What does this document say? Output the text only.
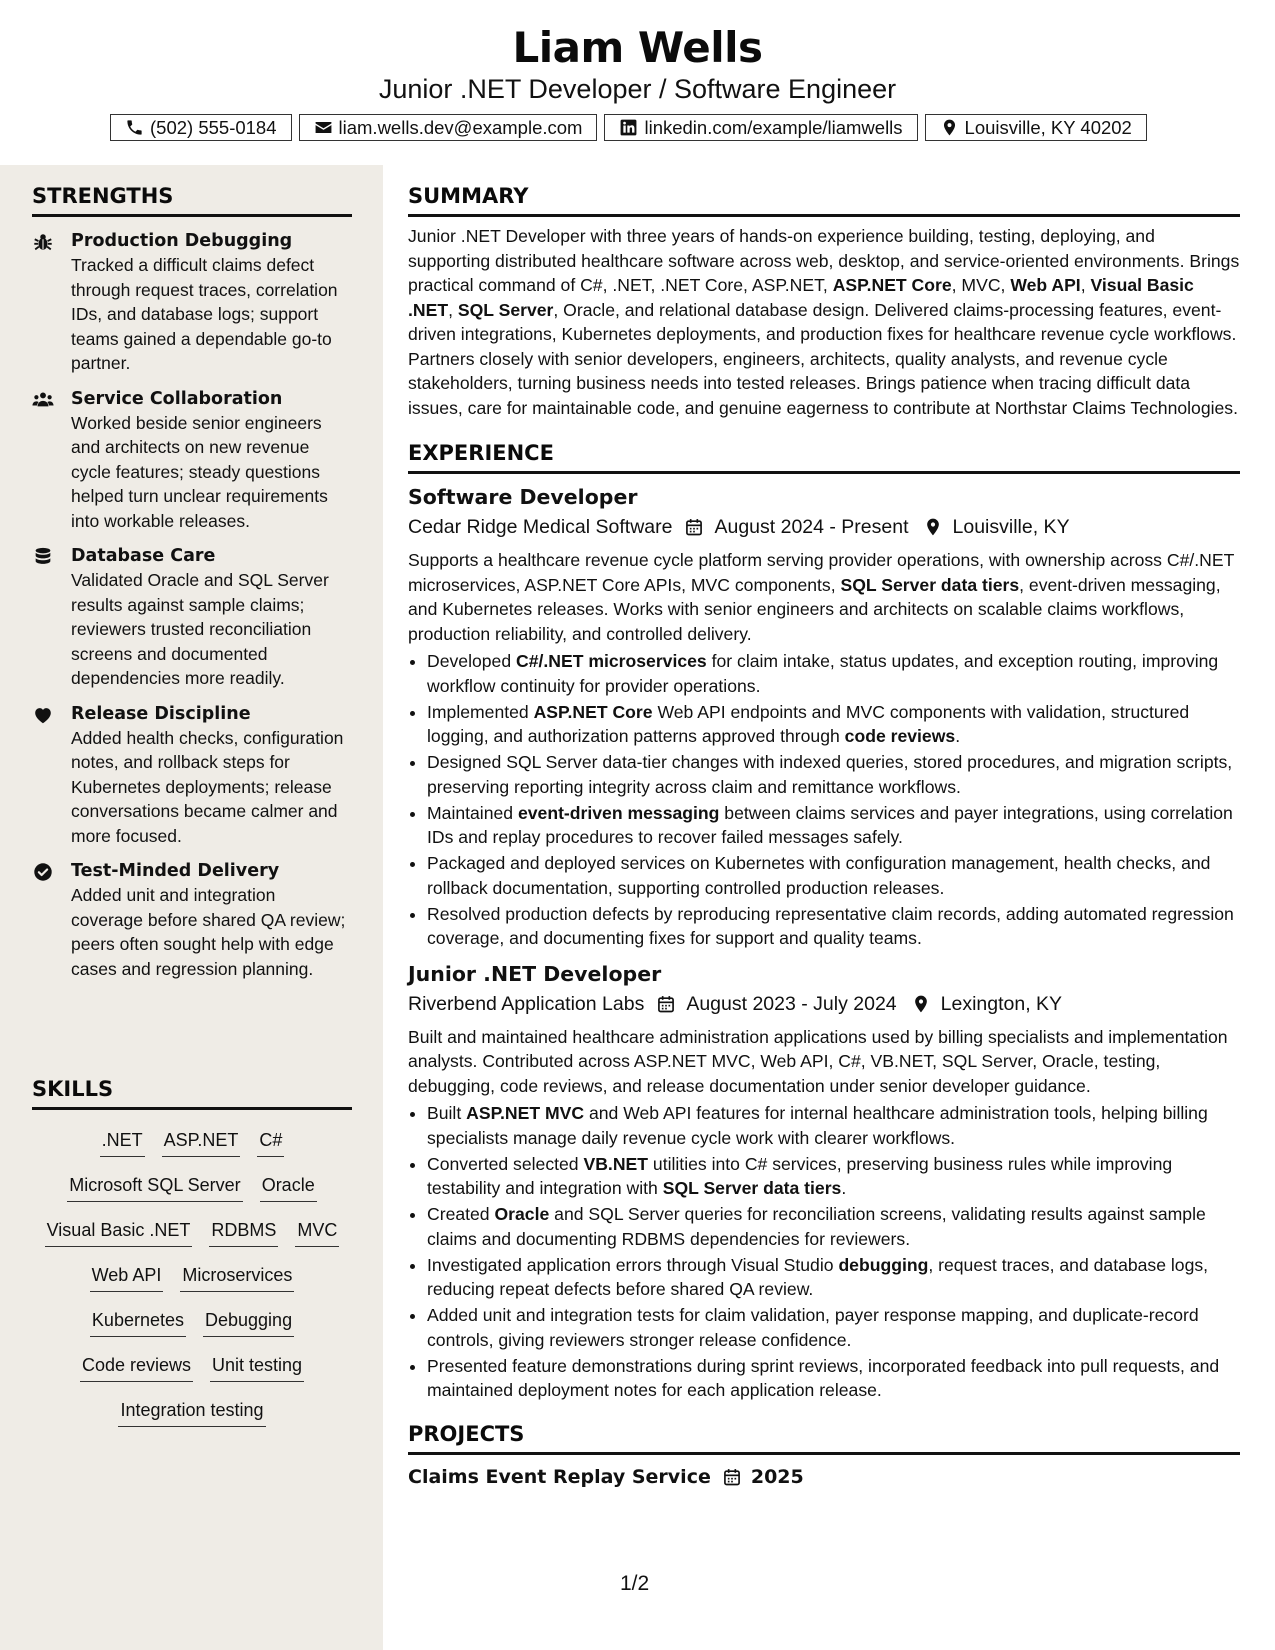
Liam Wells
Junior .NET Developer / Software Engineer
(502) 555-0184	liam.wells.dev@example.com	linkedin.com/example/liamwells	Louisville, KY 40202
STRENGTHS
Production Debugging
Tracked a difficult claims defect through request traces, correlation IDs, and database logs; support teams gained a dependable go-to partner.
Service Collaboration
Worked beside senior engineers and architects on new revenue cycle features; steady questions helped turn unclear requirements into workable releases.
Database Care
Validated Oracle and SQL Server results against sample claims; reviewers trusted reconciliation screens and documented dependencies more readily.
Release Discipline
Added health checks, configuration notes, and rollback steps for Kubernetes deployments; release conversations became calmer and more focused.
Test-Minded Delivery
Added unit and integration coverage before shared QA review; peers often sought help with edge cases and regression planning.
SKILLS
.NET ASP.NET C#
Microsoft SQL Server Oracle
Visual Basic .NET RDBMS MVC
Web API Microservices
Kubernetes Debugging
Code reviews Unit testing
Integration testing
SUMMARY

Junior .NET Developer with three years of hands-on experience building, testing, deploying, and supporting distributed healthcare software across web, desktop, and service-oriented environments. Brings practical command of C#, .NET, .NET Core, ASP.NET, ASP.NET Core, MVC, Web API, Visual Basic .NET, SQL Server, Oracle, and relational database design. Delivered claims-processing features, event-driven integrations, Kubernetes deployments, and production fixes for healthcare revenue cycle workflows. Partners closely with senior developers, engineers, architects, quality analysts, and revenue cycle stakeholders, turning business needs into tested releases. Brings patience when tracing difficult data issues, care for maintainable code, and genuine eagerness to contribute at Northstar Claims Technologies.

EXPERIENCE
Software Developer
Cedar Ridge Medical Software August 2024 - Present Louisville, KY

Supports a healthcare revenue cycle platform serving provider operations, with ownership across C#/.NET microservices, ASP.NET Core APIs, MVC components, SQL Server data tiers, event-driven messaging, and Kubernetes releases. Works with senior engineers and architects on scalable claims workflows, production reliability, and controlled delivery.

• Developed C#/.NET microservices for claim intake, status updates, and exception routing, improving workflow continuity for provider operations.
• Implemented ASP.NET Core Web API endpoints and MVC components with validation, structured logging, and authorization patterns approved through code reviews.
• Designed SQL Server data-tier changes with indexed queries, stored procedures, and migration scripts, preserving reporting integrity across claim and remittance workflows.
• Maintained event-driven messaging between claims services and payer integrations, using correlation IDs and replay procedures to recover failed messages safely.
• Packaged and deployed services on Kubernetes with configuration management, health checks, and rollback documentation, supporting controlled production releases.
• Resolved production defects by reproducing representative claim records, adding automated regression coverage, and documenting fixes for support and quality teams.
Junior .NET Developer
Riverbend Application Labs August 2023 - July 2024 Lexington, KY

Built and maintained healthcare administration applications used by billing specialists and implementation analysts. Contributed across ASP.NET MVC, Web API, C#, VB.NET, SQL Server, Oracle, testing, debugging, code reviews, and release documentation under senior developer guidance.

• Built ASP.NET MVC and Web API features for internal healthcare administration tools, helping billing specialists manage daily revenue cycle work with clearer workflows.
• Converted selected VB.NET utilities into C# services, preserving business rules while improving testability and integration with SQL Server data tiers.
• Created Oracle and SQL Server queries for reconciliation screens, validating results against sample claims and documenting RDBMS dependencies for reviewers.
• Investigated application errors through Visual Studio debugging, request traces, and database logs, reducing repeat defects before shared QA review.
• Added unit and integration tests for claim validation, payer response mapping, and duplicate-record controls, giving reviewers stronger release confidence.
• Presented feature demonstrations during sprint reviews, incorporated feedback into pull requests, and maintained deployment notes for each application release.
PROJECTS
Claims Event Replay Service 2025
1/2
